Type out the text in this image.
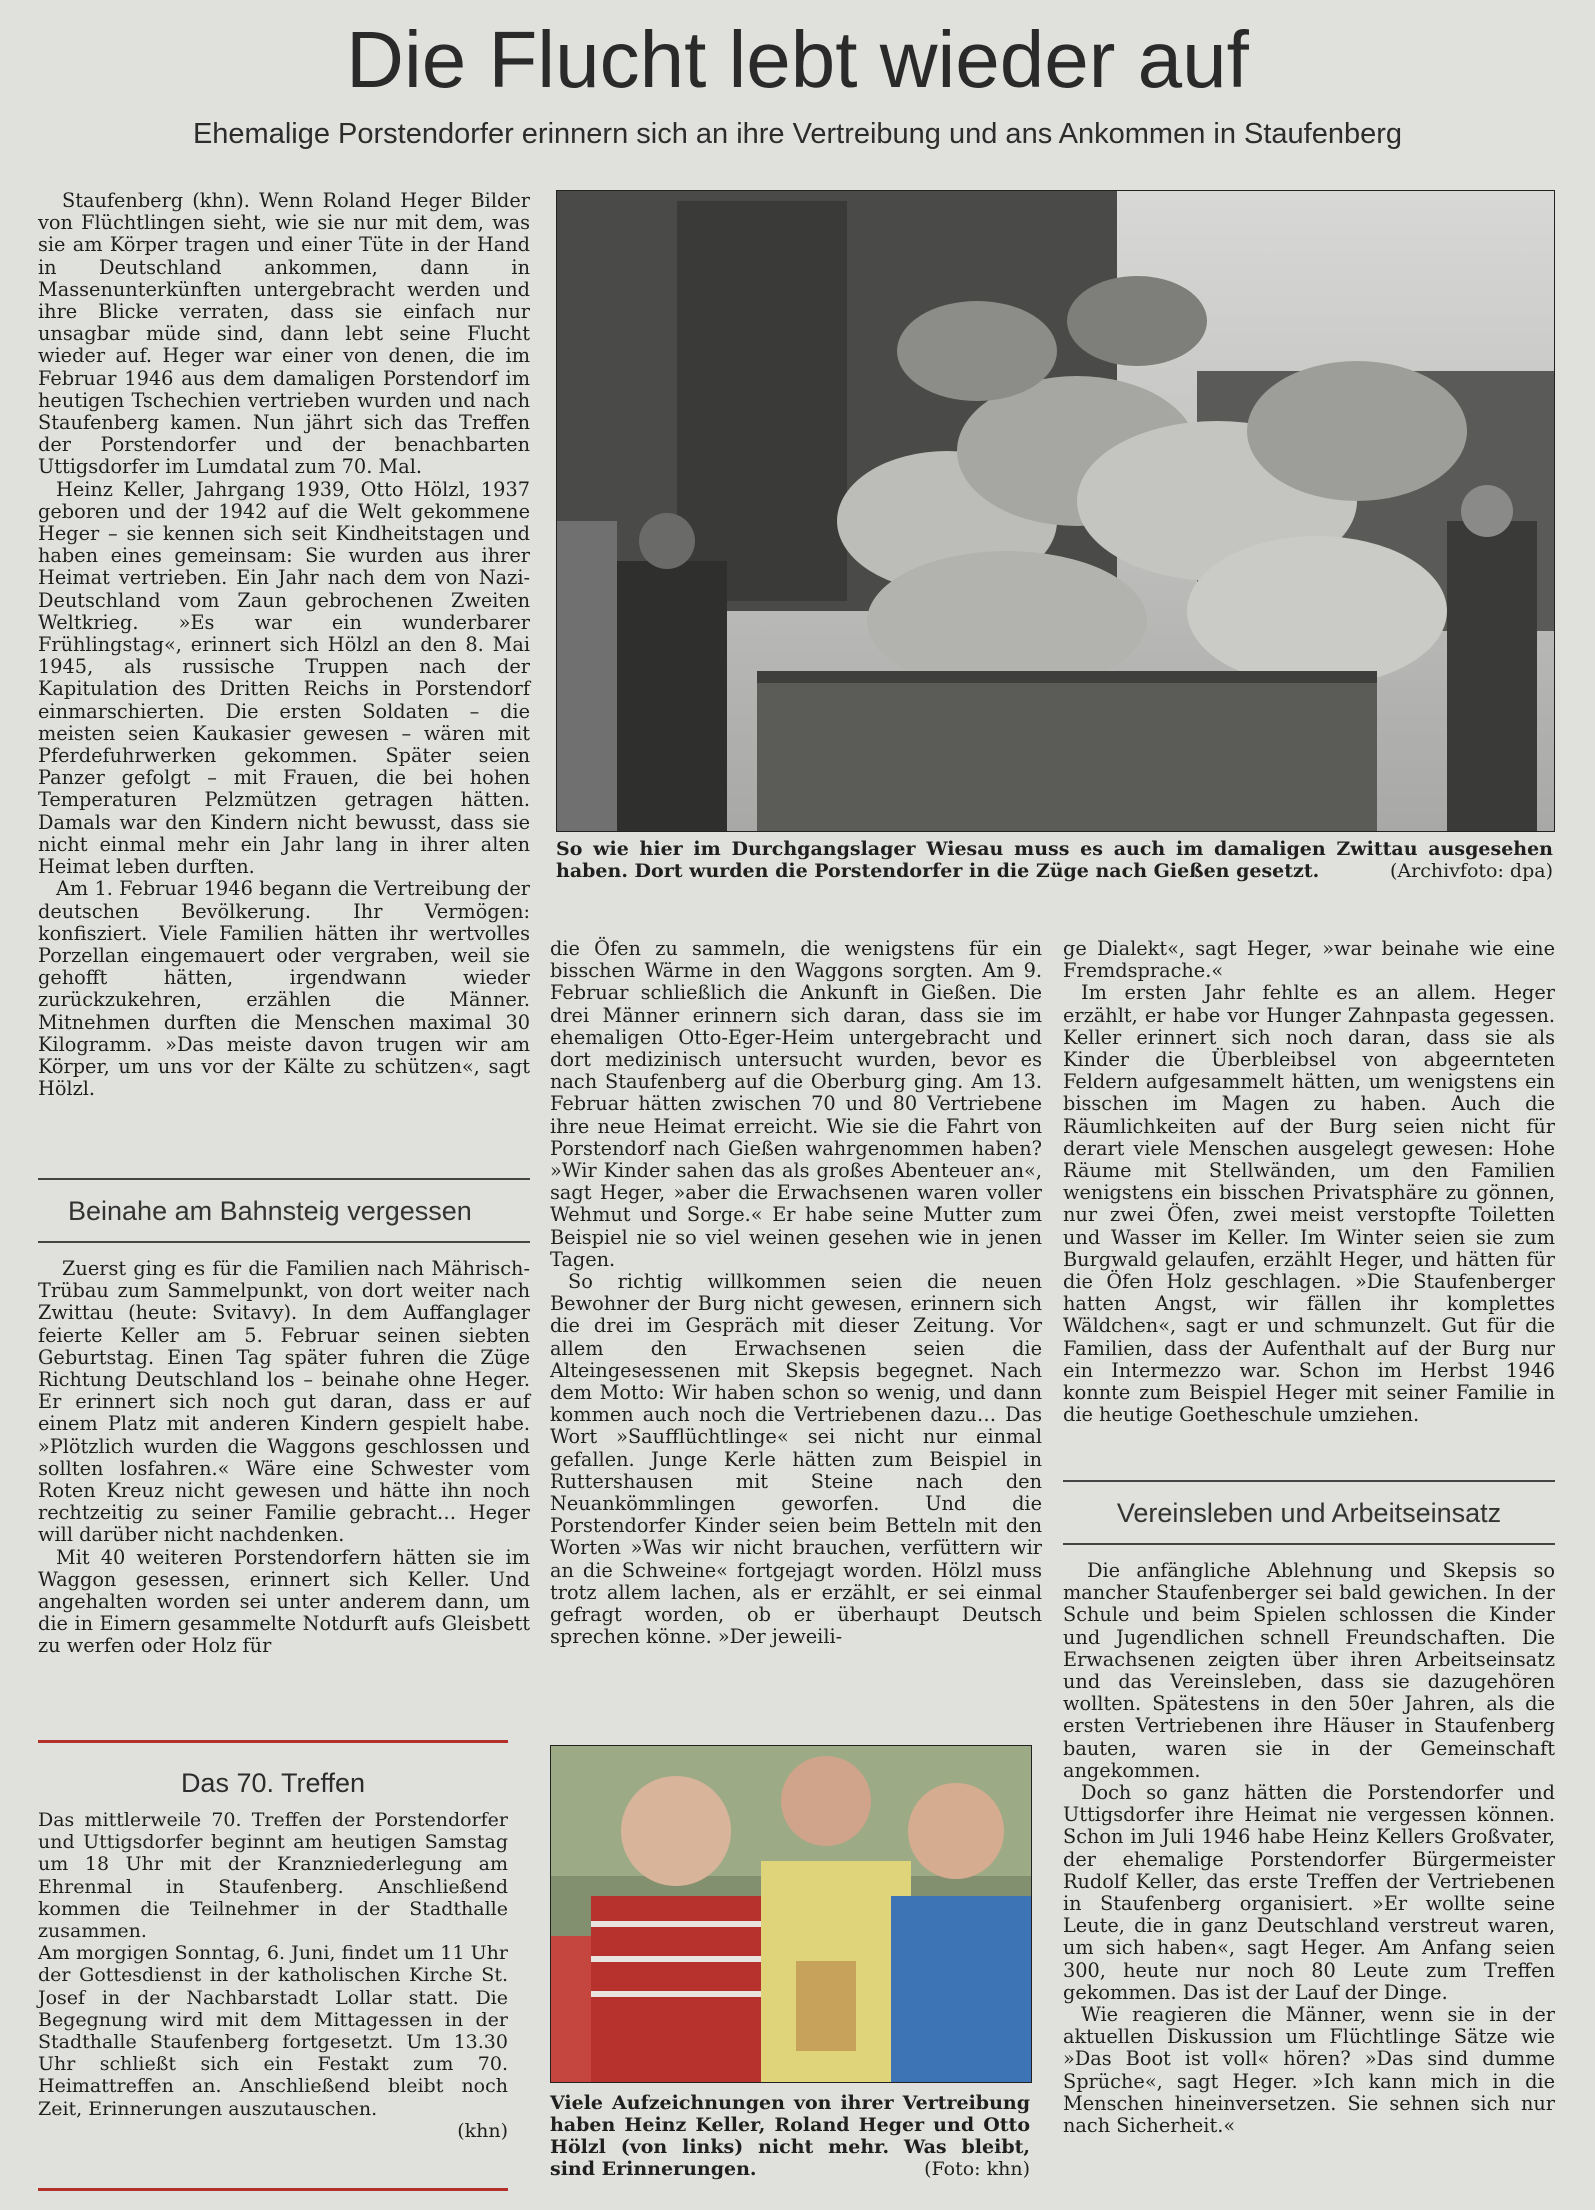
Die Flucht lebt wieder auf
Ehemalige Porstendorfer erinnern sich an ihre Vertreibung und ans Ankommen in Staufenberg

Staufenberg (khn). Wenn Roland Heger Bilder von Flüchtlingen sieht, wie sie nur mit dem, was sie am Körper tragen und einer Tüte in der Hand in Deutschland ankommen, dann in Massenunterkünften untergebracht werden und ihre Blicke verraten, dass sie einfach nur unsagbar müde sind, dann lebt seine Flucht wieder auf. Heger war einer von denen, die im Februar 1946 aus dem damaligen Porstendorf im heutigen Tschechien vertrieben wurden und nach Staufenberg kamen. Nun jährt sich das Treffen der Porstendorfer und der benachbarten Uttigsdorfer im Lumdatal zum 70. Mal.

Heinz Keller, Jahrgang 1939, Otto Hölzl, 1937 geboren und der 1942 auf die Welt gekommene Heger – sie kennen sich seit Kindheitstagen und haben eines gemeinsam: Sie wurden aus ihrer Heimat vertrieben. Ein Jahr nach dem von Nazi-Deutschland vom Zaun gebrochenen Zweiten Weltkrieg. »Es war ein wunderbarer Frühlingstag«, erinnert sich Hölzl an den 8. Mai 1945, als russische Truppen nach der Kapitulation des Dritten Reichs in Porstendorf einmarschierten. Die ersten Soldaten – die meisten seien Kaukasier gewesen – wären mit Pferdefuhrwerken gekommen. Später seien Panzer gefolgt – mit Frauen, die bei hohen Temperaturen Pelzmützen getragen hätten. Damals war den Kindern nicht bewusst, dass sie nicht einmal mehr ein Jahr lang in ihrer alten Heimat leben durften.

Am 1. Februar 1946 begann die Vertreibung der deutschen Bevölkerung. Ihr Vermögen: konfisziert. Viele Familien hätten ihr wertvolles Porzellan eingemauert oder vergraben, weil sie gehofft hätten, irgendwann wieder zurückzukehren, erzählen die Männer. Mitnehmen durften die Menschen maximal 30 Kilogramm. »Das meiste davon trugen wir am Körper, um uns vor der Kälte zu schützen«, sagt Hölzl.

Beinahe am Bahnsteig vergessen

Zuerst ging es für die Familien nach Mährisch-Trübau zum Sammelpunkt, von dort weiter nach Zwittau (heute: Svitavy). In dem Auffanglager feierte Keller am 5. Februar seinen siebten Geburtstag. Einen Tag später fuhren die Züge Richtung Deutschland los – beinahe ohne Heger. Er erinnert sich noch gut daran, dass er auf einem Platz mit anderen Kindern gespielt habe. »Plötzlich wurden die Waggons geschlossen und sollten losfahren.« Wäre eine Schwester vom Roten Kreuz nicht gewesen und hätte ihn noch rechtzeitig zu seiner Familie gebracht… Heger will darüber nicht nachdenken.

Mit 40 weiteren Porstendorfern hätten sie im Waggon gesessen, erinnert sich Keller. Und angehalten worden sei unter anderem dann, um die in Eimern gesammelte Notdurft aufs Gleisbett zu werfen oder Holz für

Das 70. Treffen

Das mittlerweile 70. Treffen der Porstendorfer und Uttigsdorfer beginnt am heutigen Samstag um 18 Uhr mit der Kranzniederlegung am Ehrenmal in Staufenberg. Anschließend kommen die Teilnehmer in der Stadthalle zusammen.

Am morgigen Sonntag, 6. Juni, findet um 11 Uhr der Gottesdienst in der katholischen Kirche St. Josef in der Nachbarstadt Lollar statt. Die Begegnung wird mit dem Mittagessen in der Stadthalle Staufenberg fortgesetzt. Um 13.30 Uhr schließt sich ein Festakt zum 70. Heimattreffen an. Anschließend bleibt noch Zeit, Erinnerungen auszutauschen.

(khn)

So wie hier im Durchgangslager Wiesau muss es auch im damaligen Zwittau ausgesehen haben. Dort wurden die Porstendorfer in die Züge nach Gießen gesetzt.	(Archivfoto: dpa)

die Öfen zu sammeln, die wenigstens für ein bisschen Wärme in den Waggons sorgten. Am 9. Februar schließlich die Ankunft in Gießen. Die drei Männer erinnern sich daran, dass sie im ehemaligen Otto-Eger-Heim untergebracht und dort medizinisch untersucht wurden, bevor es nach Staufenberg auf die Oberburg ging. Am 13. Februar hätten zwischen 70 und 80 Vertriebene ihre neue Heimat erreicht. Wie sie die Fahrt von Porstendorf nach Gießen wahrgenommen haben? »Wir Kinder sahen das als großes Abenteuer an«, sagt Heger, »aber die Erwachsenen waren voller Wehmut und Sorge.« Er habe seine Mutter zum Beispiel nie so viel weinen gesehen wie in jenen Tagen.

So richtig willkommen seien die neuen Bewohner der Burg nicht gewesen, erinnern sich die drei im Gespräch mit dieser Zeitung. Vor allem den Erwachsenen seien die Alteingesessenen mit Skepsis begegnet. Nach dem Motto: Wir haben schon so wenig, und dann kommen auch noch die Vertriebenen dazu… Das Wort »Saufflüchtlinge« sei nicht nur einmal gefallen. Junge Kerle hätten zum Beispiel in Ruttershausen mit Steine nach den Neuankömmlingen geworfen. Und die Porstendorfer Kinder seien beim Betteln mit den Worten »Was wir nicht brauchen, verfüttern wir an die Schweine« fortgejagt worden. Hölzl muss trotz allem lachen, als er erzählt, er sei einmal gefragt worden, ob er überhaupt Deutsch sprechen könne. »Der jeweili-

Viele Aufzeichnungen von ihrer Vertreibung haben Heinz Keller, Roland Heger und Otto Hölzl (von links) nicht mehr. Was bleibt, sind Erinnerungen.	(Foto: khn)

ge Dialekt«, sagt Heger, »war beinahe wie eine Fremdsprache.«

Im ersten Jahr fehlte es an allem. Heger erzählt, er habe vor Hunger Zahnpasta gegessen. Keller erinnert sich noch daran, dass sie als Kinder die Überbleibsel von abgeernteten Feldern aufgesammelt hätten, um wenigstens ein bisschen im Magen zu haben. Auch die Räumlichkeiten auf der Burg seien nicht für derart viele Menschen ausgelegt gewesen: Hohe Räume mit Stellwänden, um den Familien wenigstens ein bisschen Privatsphäre zu gönnen, nur zwei Öfen, zwei meist verstopfte Toiletten und Wasser im Keller. Im Winter seien sie zum Burgwald gelaufen, erzählt Heger, und hätten für die Öfen Holz geschlagen. »Die Staufenberger hatten Angst, wir fällen ihr komplettes Wäldchen«, sagt er und schmunzelt. Gut für die Familien, dass der Aufenthalt auf der Burg nur ein Intermezzo war. Schon im Herbst 1946 konnte zum Beispiel Heger mit seiner Familie in die heutige Goetheschule umziehen.

Vereinsleben und Arbeitseinsatz

Die anfängliche Ablehnung und Skepsis so mancher Staufenberger sei bald gewichen. In der Schule und beim Spielen schlossen die Kinder und Jugendlichen schnell Freundschaften. Die Erwachsenen zeigten über ihren Arbeitseinsatz und das Vereinsleben, dass sie dazugehören wollten. Spätestens in den 50er Jahren, als die ersten Vertriebenen ihre Häuser in Staufenberg bauten, waren sie in der Gemeinschaft angekommen.

Doch so ganz hätten die Porstendorfer und Uttigsdorfer ihre Heimat nie vergessen können. Schon im Juli 1946 habe Heinz Kellers Großvater, der ehemalige Porstendorfer Bürgermeister Rudolf Keller, das erste Treffen der Vertriebenen in Staufenberg organisiert. »Er wollte seine Leute, die in ganz Deutschland verstreut waren, um sich haben«, sagt Heger. Am Anfang seien 300, heute nur noch 80 Leute zum Treffen gekommen. Das ist der Lauf der Dinge.

Wie reagieren die Männer, wenn sie in der aktuellen Diskussion um Flüchtlinge Sätze wie »Das Boot ist voll« hören? »Das sind dumme Sprüche«, sagt Heger. »Ich kann mich in die Menschen hineinversetzen. Sie sehnen sich nur nach Sicherheit.«
